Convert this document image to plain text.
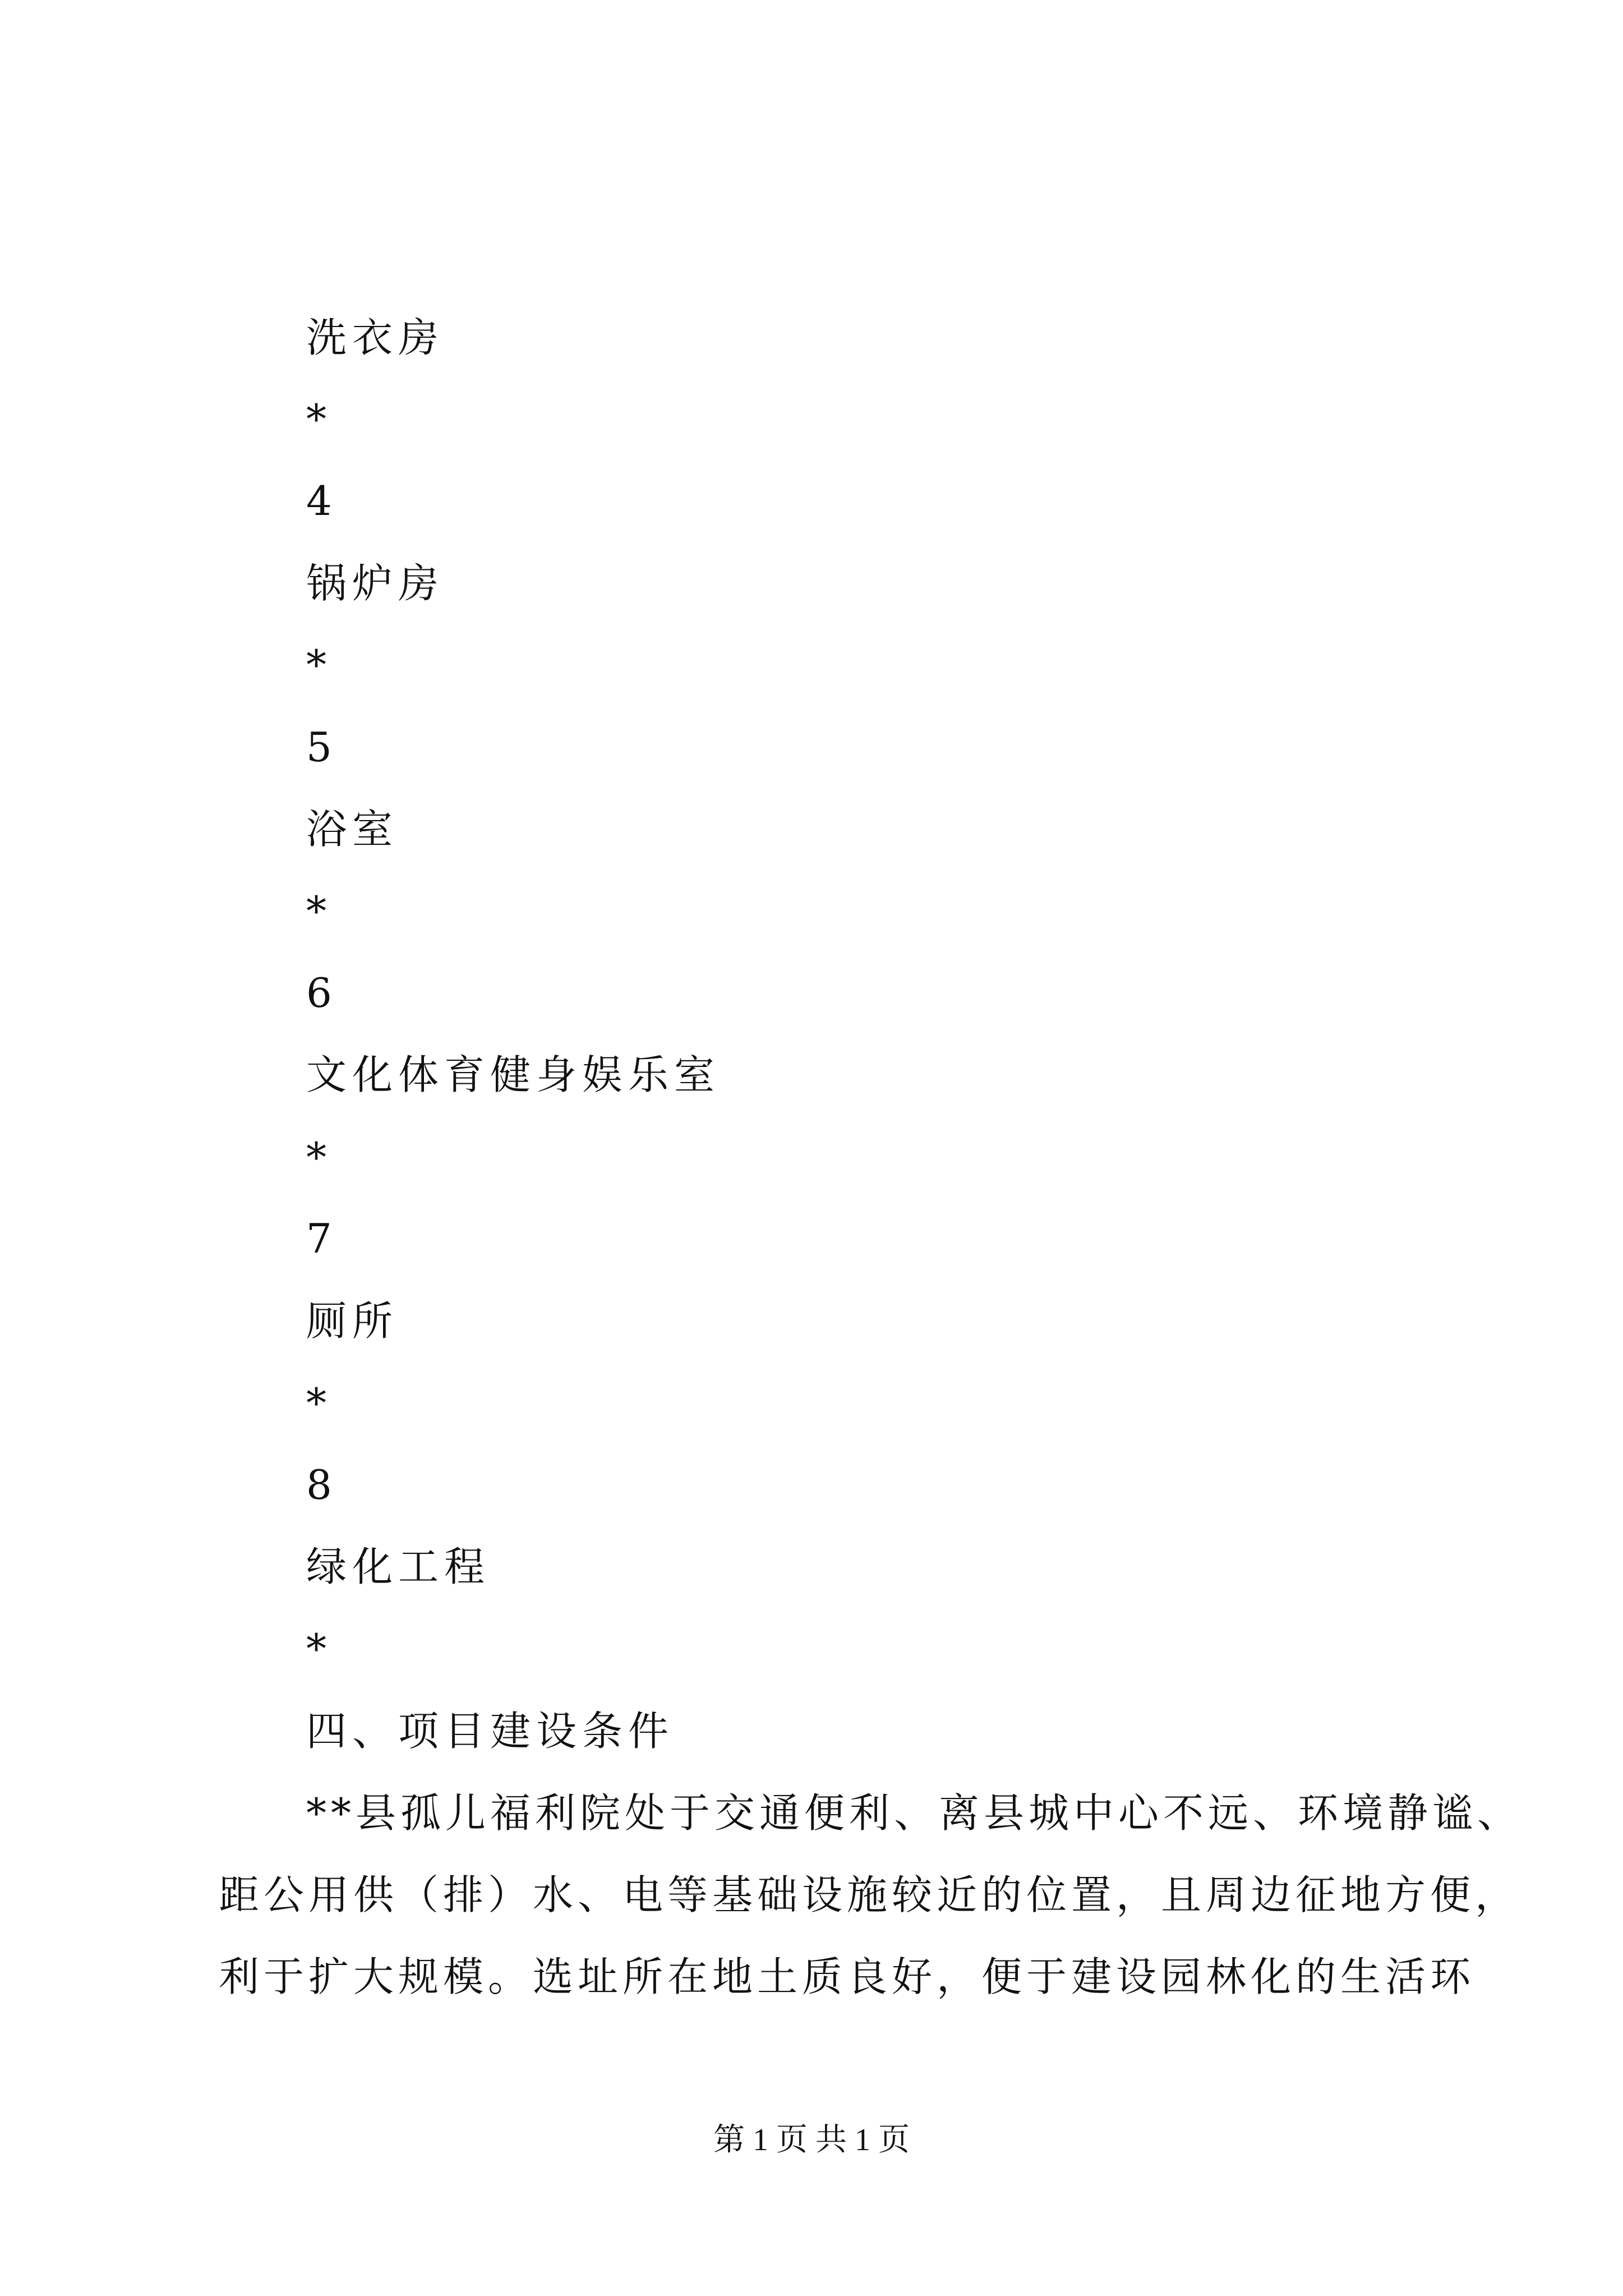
洗衣房
*
4
锅炉房
*
5
浴室
*
6
文化体育健身娱乐室
*
7
厕所
*
8
绿化工程
*
四、项目建设条件
**县孤儿福利院处于交通便利、离县城中心不远、环境静谧、
距公用供（排）水、电等基础设施较近的位置，且周边征地方便，
利于扩大规模。选址所在地土质良好，便于建设园林化的生活环
第 1 页 共 1 页
